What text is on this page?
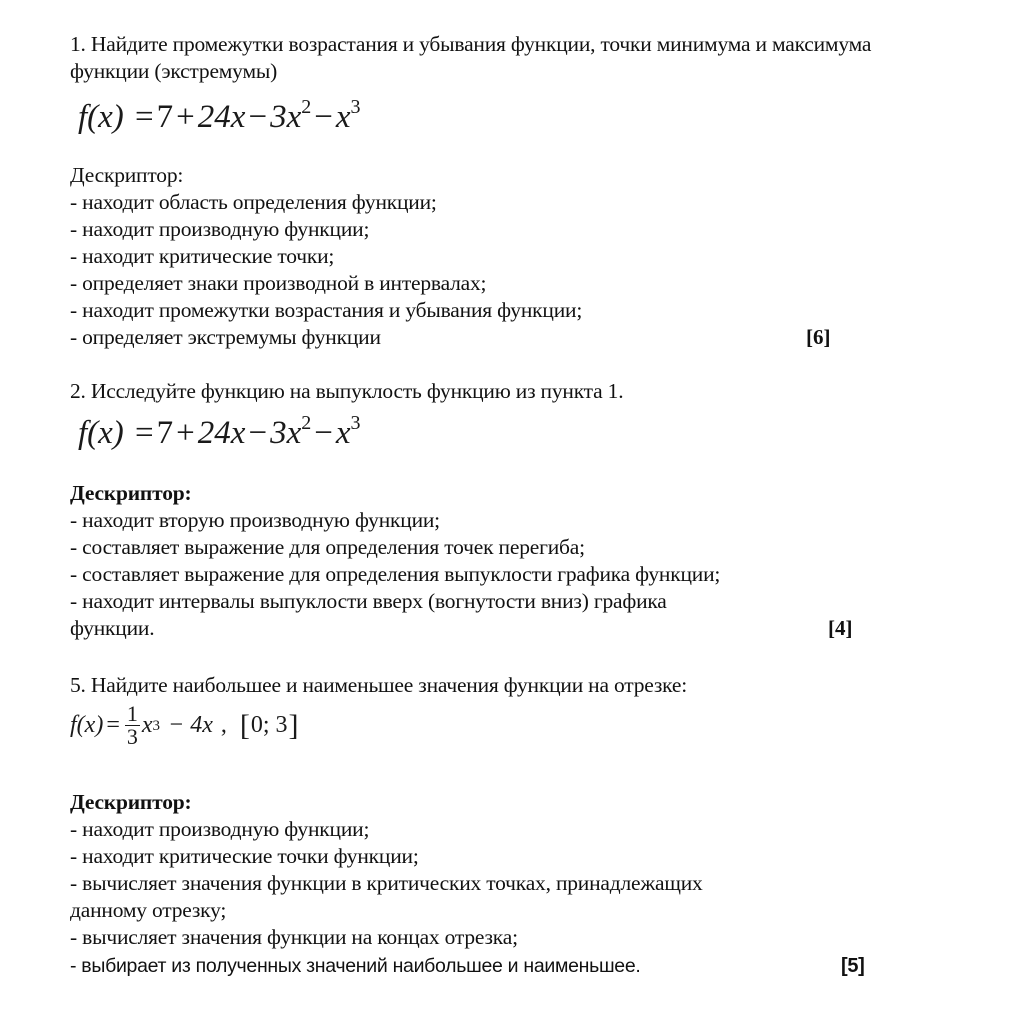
1. Найдите промежутки возрастания и убывания функции, точки минимума и максимума
функции (экстремумы)
$f(x) =7+24x-3x^2-x^3$
Дескриптор:
- находит область определения функции;
- находит производную функции;
- находит критические точки;
- определяет знаки производной в интервалах;
- находит промежутки возрастания и убывания функции;
- определяет экстремумы функции	[6]
2. Исследуйте функцию на выпуклость функцию из пункта 1.
$f(x) =7+24x-3x^2-x^3$
Дескриптор:
- находит вторую производную функции;
- составляет выражение для определения точек перегиба;
- составляет выражение для определения выпуклости графика функции;
- находит интервалы выпуклости вверх (вогнутости вниз) графика
функции.	[4]
5. Найдите наибольшее и наименьшее значения функции на отрезке:
$f(x) = \frac{1}{3}$ x 3 − 4x , [ 0; 3 ]
Дескриптор:
- находит производную функции;
- находит критические точки функции;
- вычисляет значения функции в критических точках, принадлежащих
данному отрезку;
- вычисляет значения функции на концах отрезка;
- выбирает из полученных значений наибольшее и наименьшее.	[5]
